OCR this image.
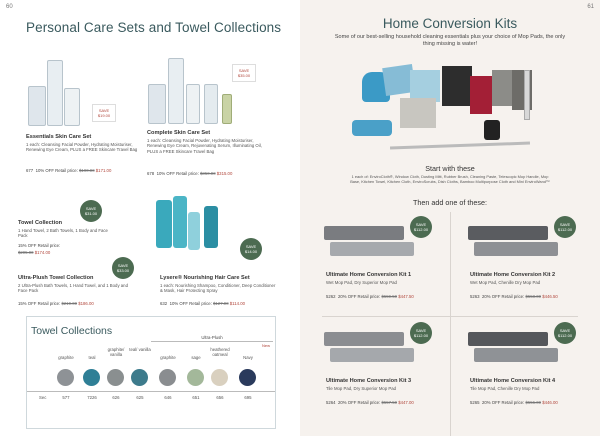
60
Personal Care Sets and Towel Collections
SAVE
$19.00
Essentials Skin Care Set
1 each: Cleansing Facial Powder, Hydrating Moisturiser, Renewing Eye Cream, PLUS a FREE Skincare Travel Bag
677 10% OFF Retail price: $190.00 $171.00
SAVE
$35.00
Complete Skin Care Set
1 each: Cleansing Facial Powder, Hydrating Moisturiser, Renewing Eye Cream, Rejuvenating Serum, Illuminating Oil, PLUS a FREE Skincare Travel Bag
678 10% OFF Retail price: $350.00 $315.00
SAVE
$31.00
Towel Collection
1 Hand Towel, 2 Bath Towels, 1 Body and Face Pack
15% OFF Retail price:
$205.00 $174.00
SAVE
$33.00
Ultra-Plush Towel Collection
2 Ultra-Plush Bath Towels, 1 Hand Towel, and 1 Body and Face Pack
15% OFF Retail price: $219.00 $186.00
SAVE
$14.00
Lysere® Nourishing Hair Care Set
1 each: Nourishing Shampoo, Conditioner, Deep Conditioner & Mask, Hair Protecting Spray
632 10% OFF Retail price: $127.00 $114.00
Towel Collections
Ultra-Plush
New
Sec
graphite
577
teal
7226
graphite/ vanilla
626
teal/ vanilla
625
graphite
646
sage
651
heathered oatmeal
656
Navy
695
61
Home Conversion Kits
Some of our best-selling household cleaning essentials plus your choice of Mop Pads, the only thing missing is water!
Start with these
1 each of: EnviroCloth®, Window Cloth, Dusting Mitt, Rubber Brush, Cleaning Paste, Telescopic Mop Handle, Mop Base, Kitchen Towel, Kitchen Cloth, EnviroScrubs, Dish Cloths, Bamboo Multipurpose Cloth and Mini EnviroWand™
Then add one of these:
SAVE
$112.00
Ultimate Home Conversion Kit 1
Wet Mop Pad, Dry Superior Mop Pad
5262 20% OFF Retail price: $559.50 $447.50
SAVE
$112.00
Ultimate Home Conversion Kit 2
Wet Mop Pad, Chenille Dry Mop Pad
5263 20% OFF Retail price: $558.00 $446.50
SAVE
$112.00
Ultimate Home Conversion Kit 3
Tile Mop Pad, Dry Superior Mop Pad
5264 20% OFF Retail price: $557.50 $447.00
SAVE
$112.00
Ultimate Home Conversion Kit 4
Tile Mop Pad, Chenille Dry Mop Pad
5265 20% OFF Retail price: $556.00 $446.00
